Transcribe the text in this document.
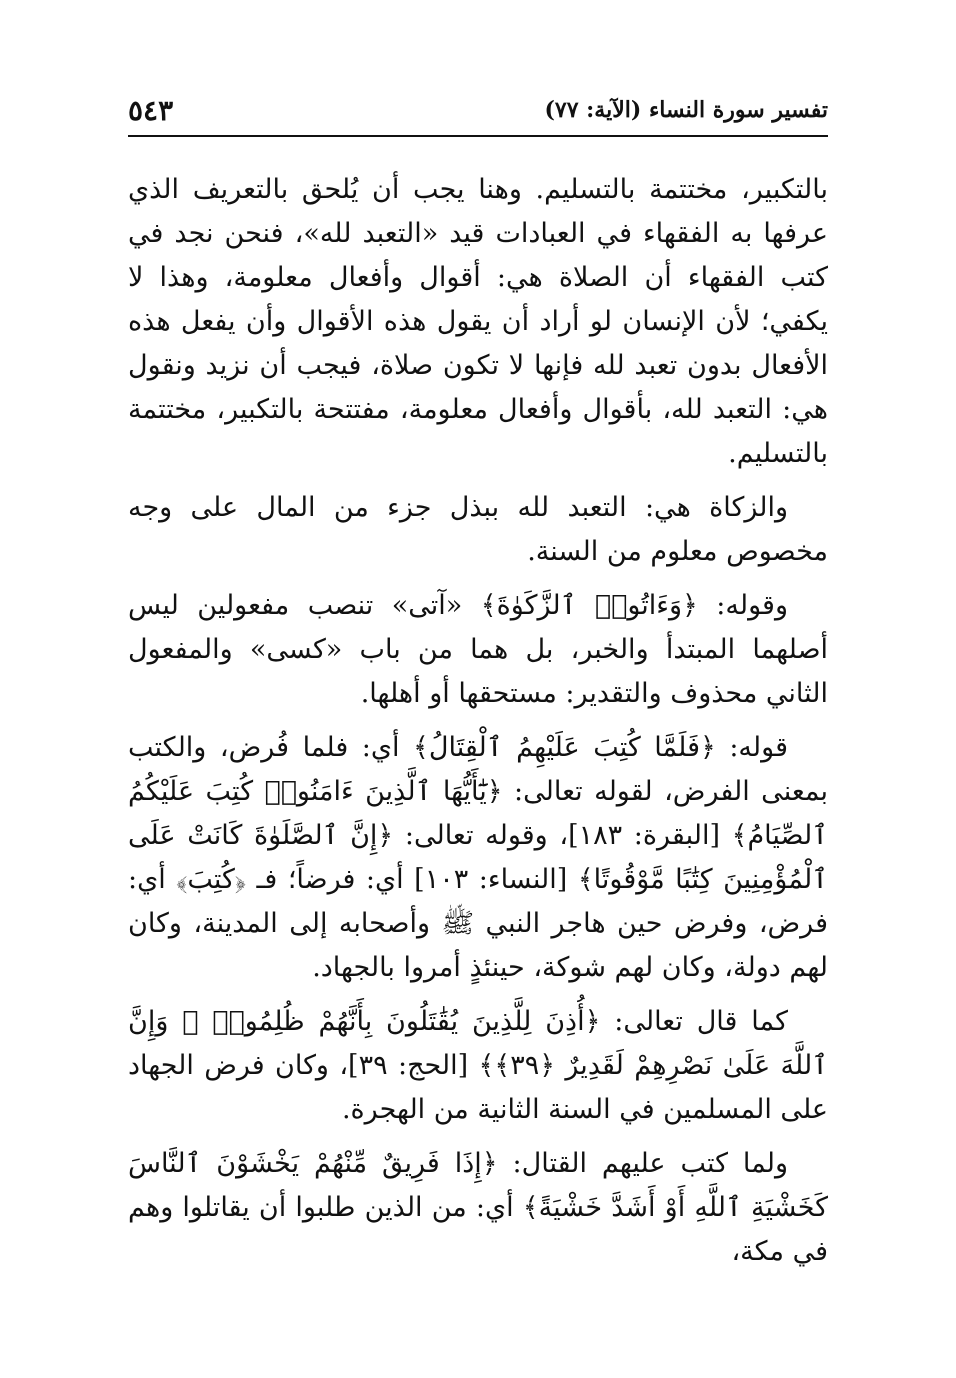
تفسير سورة النساء (الآية: ٧٧)
٥٤٣

بالتكبير، مختتمة بالتسليم. وهنا يجب أن يُلحق بالتعريف الذي عرفها به الفقهاء في العبادات قيد «التعبد لله»، فنحن نجد في كتب الفقهاء أن الصلاة هي: أقوال وأفعال معلومة، وهذا لا يكفي؛ لأن الإنسان لو أراد أن يقول هذه الأقوال وأن يفعل هذه الأفعال بدون تعبد لله فإنها لا تكون صلاة، فيجب أن نزيد ونقول هي: التعبد لله، بأقوال وأفعال معلومة، مفتتحة بالتكبير، مختتمة بالتسليم.

والزكاة هي: التعبد لله ببذل جزء من المال على وجه مخصوص معلوم من السنة.

وقوله: ﴿وَءَاتُوا۟ ٱلزَّكَوٰةَ﴾ «آتى» تنصب مفعولين ليس أصلهما المبتدأ والخبر، بل هما من باب «كسى» والمفعول الثاني محذوف والتقدير: مستحقها أو أهلها.

قوله: ﴿فَلَمَّا كُتِبَ عَلَيْهِمُ ٱلْقِتَالُ﴾ أي: فلما فُرض، والكتب بمعنى الفرض، لقوله تعالى: ﴿يَٰٓأَيُّهَا ٱلَّذِينَ ءَامَنُوا۟ كُتِبَ عَلَيْكُمُ ٱلصِّيَامُ﴾ [البقرة: ١٨٣]، وقوله تعالى: ﴿إِنَّ ٱلصَّلَوٰةَ كَانَتْ عَلَى ٱلْمُؤْمِنِينَ كِتَٰبًا مَّوْقُوتًا﴾ [النساء: ١٠٣] أي: فرضاً؛ فـ ﴿كُتِبَ﴾ أي: فرض، وفرض حين هاجر النبي ﷺ وأصحابه إلى المدينة، وكان لهم دولة، وكان لهم شوكة، حينئذٍ أمروا بالجهاد.

كما قال تعالى: ﴿أُذِنَ لِلَّذِينَ يُقَٰتَلُونَ بِأَنَّهُمْ ظُلِمُوا۟ ۚ وَإِنَّ ٱللَّهَ عَلَىٰ نَصْرِهِمْ لَقَدِيرٌ ﴿٣٩﴾﴾ [الحج: ٣٩]، وكان فرض الجهاد على المسلمين في السنة الثانية من الهجرة.

ولما كتب عليهم القتال: ﴿إِذَا فَرِيقٌ مِّنْهُمْ يَخْشَوْنَ ٱلنَّاسَ كَخَشْيَةِ ٱللَّهِ أَوْ أَشَدَّ خَشْيَةً﴾ أي: من الذين طلبوا أن يقاتلوا وهم في مكة،
